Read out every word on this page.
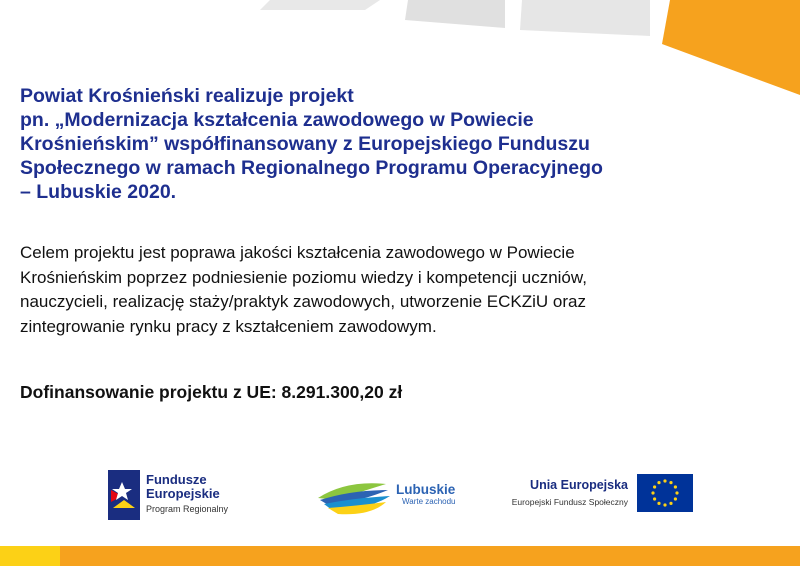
Powiat Krośnieński realizuje projekt
pn. „Modernizacja kształcenia zawodowego w Powiecie
Krośnieńskim” współfinansowany z Europejskiego Funduszu
Społecznego w ramach Regionalnego Programu Operacyjnego
– Lubuskie 2020.

Celem projektu jest poprawa jakości kształcenia zawodowego w Powiecie
Krośnieńskim poprzez podniesienie poziomu wiedzy i kompetencji uczniów,
nauczycieli, realizację staży/praktyk zawodowych, utworzenie ECKZiU oraz
zintegrowanie rynku pracy z kształceniem zawodowym.

Dofinansowanie projektu z UE: 8.291.300,20 zł

Fundusze
Europejskie
Program Regionalny
Lubuskie
Warte zachodu
Unia Europejska
Europejski Fundusz Społeczny
